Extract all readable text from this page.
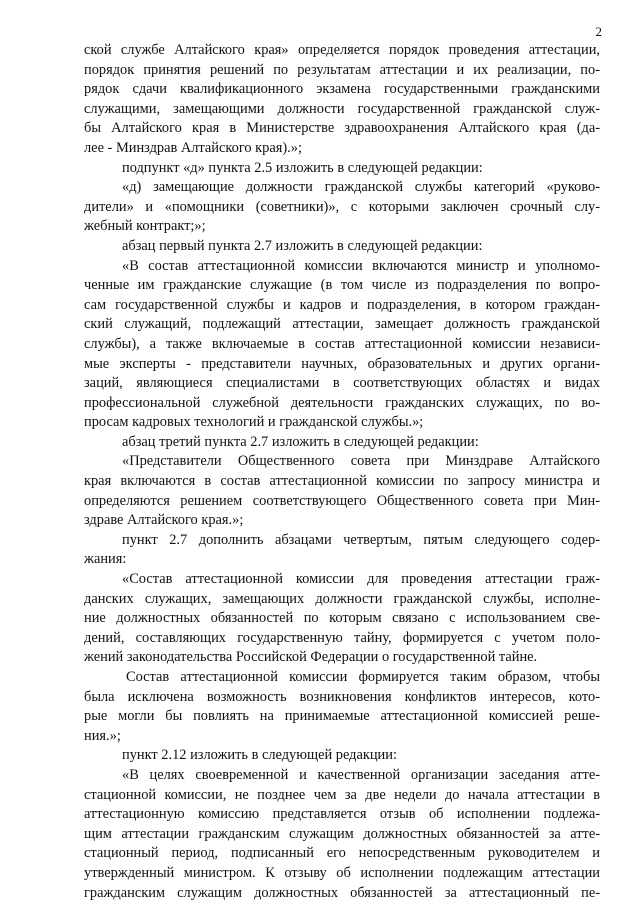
2
ской службе Алтайского края» определяется порядок проведения аттестации,
порядок принятия решений по результатам аттестации и их реализации, по-
рядок сдачи квалификационного экзамена государственными гражданскими
служащими, замещающими должности государственной гражданской служ-
бы Алтайского края в Министерстве здравоохранения Алтайского края (да-
лее - Минздрав Алтайского края).»;
подпункт «д» пункта 2.5 изложить в следующей редакции:
«д) замещающие должности гражданской службы категорий «руково-
дители» и «помощники (советники)», с которыми заключен срочный слу-
жебный контракт;»;
абзац первый пункта 2.7 изложить в следующей редакции:
«В состав аттестационной комиссии включаются министр и уполномо-
ченные им гражданские служащие (в том числе из подразделения по вопро-
сам государственной службы и кадров и подразделения, в котором граждан-
ский служащий, подлежащий аттестации, замещает должность гражданской
службы), а также включаемые в состав аттестационной комиссии независи-
мые эксперты - представители научных, образовательных и других органи-
заций, являющиеся специалистами в соответствующих областях и видах
профессиональной служебной деятельности гражданских служащих, по во-
просам кадровых технологий и гражданской службы.»;
абзац третий пункта 2.7 изложить в следующей редакции:
«Представители Общественного совета при Минздраве Алтайского
края включаются в состав аттестационной комиссии по запросу министра и
определяются решением соответствующего Общественного совета при Мин-
здраве Алтайского края.»;
пункт 2.7 дополнить абзацами четвертым, пятым следующего содер-
жания:
«Состав аттестационной комиссии для проведения аттестации граж-
данских служащих, замещающих должности гражданской службы, исполне-
ние должностных обязанностей по которым связано с использованием све-
дений, составляющих государственную тайну, формируется с учетом поло-
жений законодательства Российской Федерации о государственной тайне.
Состав аттестационной комиссии формируется таким образом, чтобы
была исключена возможность возникновения конфликтов интересов, кото-
рые могли бы повлиять на принимаемые аттестационной комиссией реше-
ния.»;
пункт 2.12 изложить в следующей редакции:
«В целях своевременной и качественной организации заседания атте-
стационной комиссии, не позднее чем за две недели до начала аттестации в
аттестационную комиссию представляется отзыв об исполнении подлежа-
щим аттестации гражданским служащим должностных обязанностей за атте-
стационный период, подписанный его непосредственным руководителем и
утвержденный министром. К отзыву об исполнении подлежащим аттестации
гражданским служащим должностных обязанностей за аттестационный пе-
